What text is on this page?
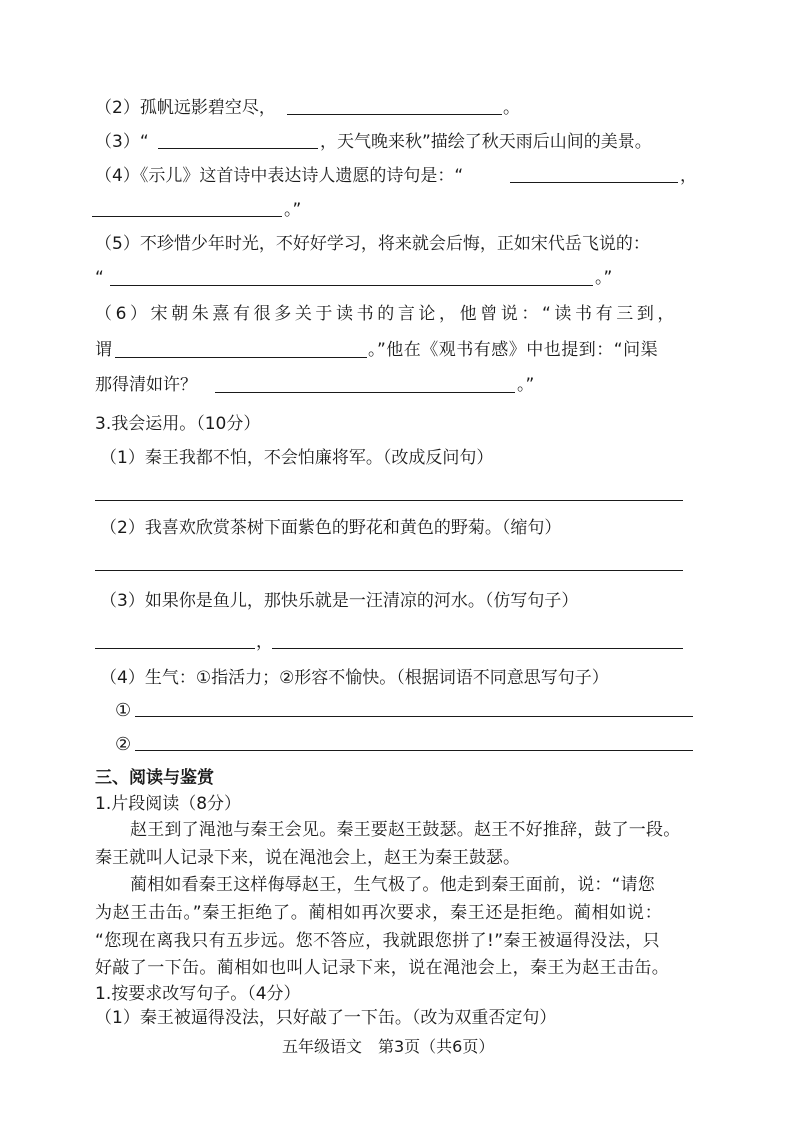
（2）孤帆远影碧空尽，	。
（3）“	，天气晚来秋”描绘了秋天雨后山间的美景。
（4）《示儿》这首诗中表达诗人遗愿的诗句是：“	，
。”
（5）不珍惜少年时光，不好好学习，将来就会后悔，正如宋代岳飞说的：
“	。”
（6）宋朝朱熹有很多关于读书的言论，他曾说：“读书有三到，
谓	。”他在《观书有感》中也提到：“问渠
那得清如许？	。”
3.我会运用。（10分）
（1）秦王我都不怕，不会怕廉将军。（改成反问句）
（2）我喜欢欣赏茶树下面紫色的野花和黄色的野菊。（缩句）
（3）如果你是鱼儿，那快乐就是一汪清凉的河水。（仿写句子）
，
（4）生气：①指活力；②形容不愉快。（根据词语不同意思写句子）
①
②
三、阅读与鉴赏
1.片段阅读（8分）
赵王到了渑池与秦王会见。秦王要赵王鼓瑟。赵王不好推辞，鼓了一段。
秦王就叫人记录下来，说在渑池会上，赵王为秦王鼓瑟。
蔺相如看秦王这样侮辱赵王，生气极了。他走到秦王面前，说：“请您
为赵王击缶。”秦王拒绝了。蔺相如再次要求，秦王还是拒绝。蔺相如说：
“您现在离我只有五步远。您不答应，我就跟您拼了!”秦王被逼得没法，只
好敲了一下缶。蔺相如也叫人记录下来，说在渑池会上，秦王为赵王击缶。
1.按要求改写句子。（4分）
（1）秦王被逼得没法，只好敲了一下缶。（改为双重否定句）
五年级语文　第3页（共6页）
